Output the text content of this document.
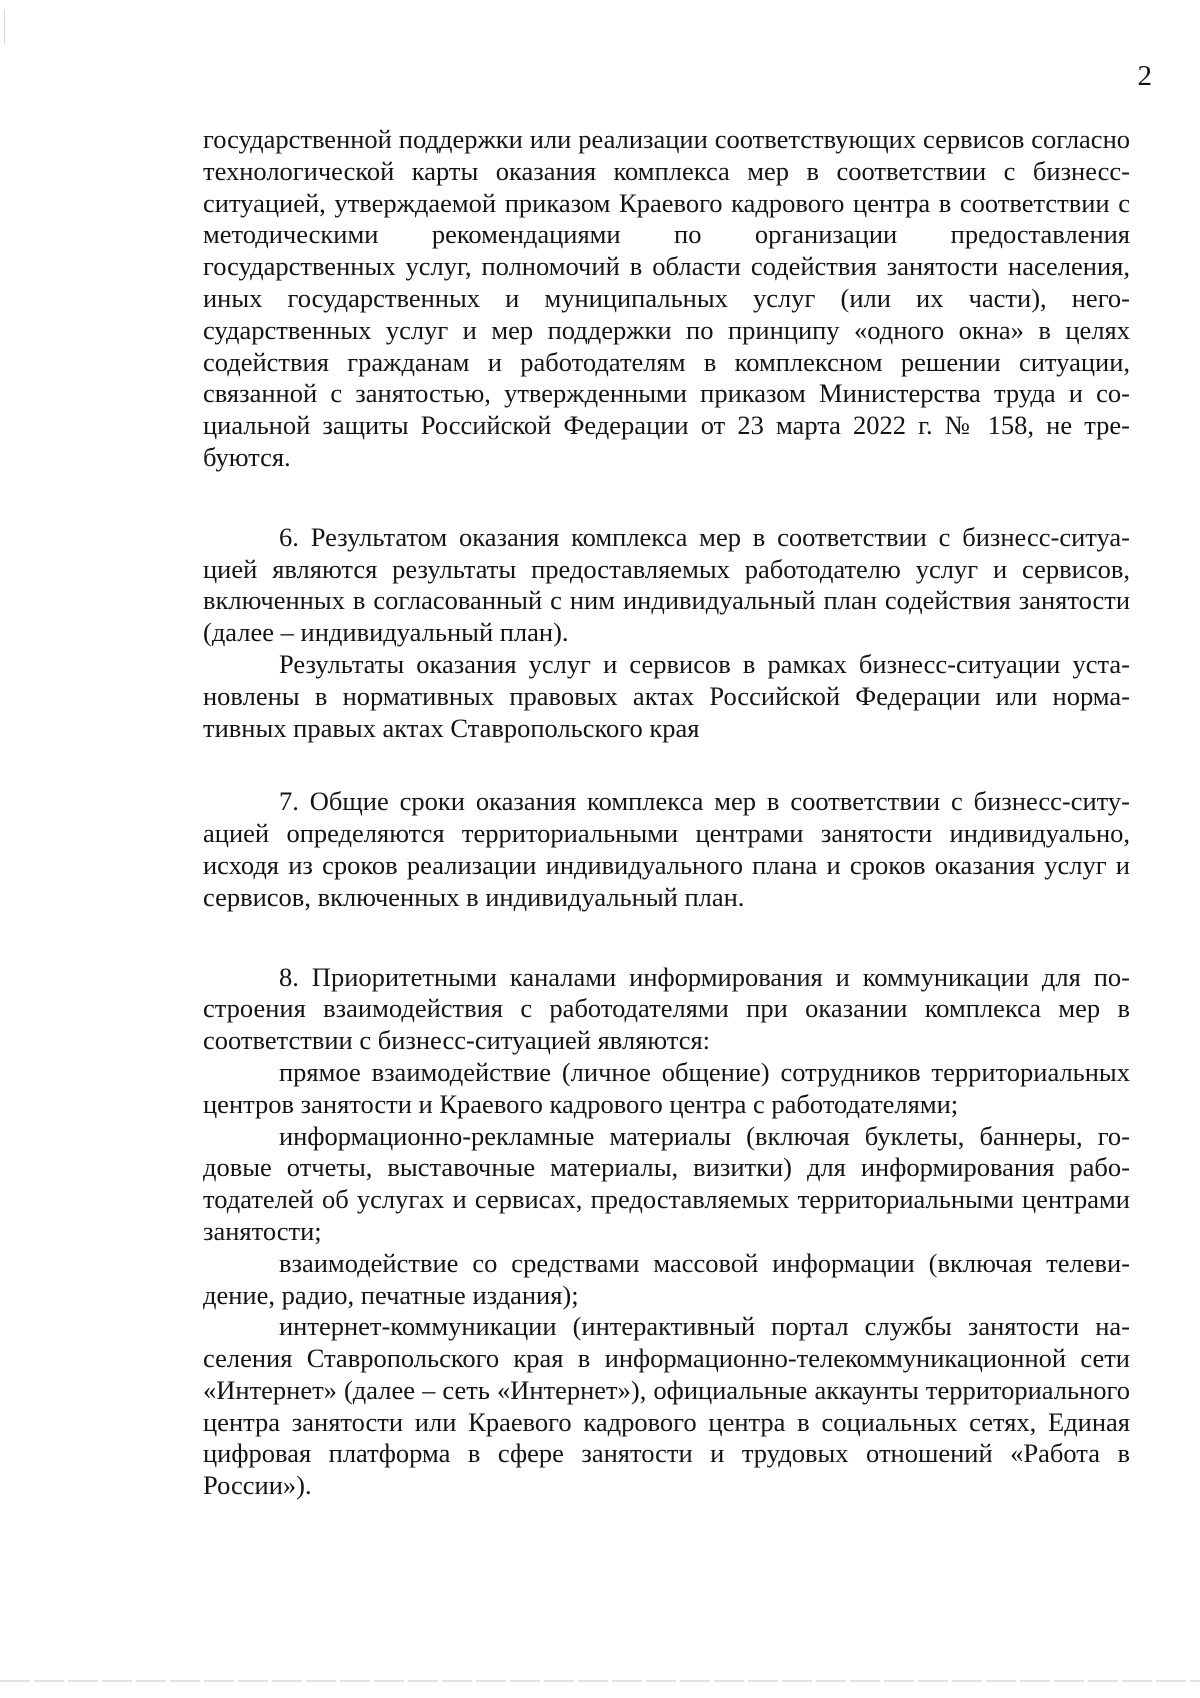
2

государственной поддержки или реализации соответствующих сервисов согласно технологической карты оказания комплекса мер в соответствии с бизнесс-ситуацией, утверждаемой приказом Краевого кадрового центра в соответствии с методическими рекомендациями по организации предоставления государственных услуг, полномочий в области содействия занятости населения, иных государственных и муниципальных услуг (или их части), негосударственных услуг и мер поддержки по принципу «одного окна» в целях содействия гражданам и работодателям в комплексном решении ситуации, связанной с занятостью, утвержденными приказом Министерства труда и социальной защиты Российской Федерации от 23 марта 2022 г. № 158, не требуются.

6. Результатом оказания комплекса мер в соответствии с бизнесс-ситуацией являются результаты предоставляемых работодателю услуг и сервисов, включенных в согласованный с ним индивидуальный план содействия занятости (далее – индивидуальный план).

Результаты оказания услуг и сервисов в рамках бизнесс-ситуации установлены в нормативных правовых актах Российской Федерации или нормативных правых актах Ставропольского края

7. Общие сроки оказания комплекса мер в соответствии с бизнесс-ситуацией определяются территориальными центрами занятости индивидуально, исходя из сроков реализации индивидуального плана и сроков оказания услуг и сервисов, включенных в индивидуальный план.

8. Приоритетными каналами информирования и коммуникации для построения взаимодействия с работодателями при оказании комплекса мер в соответствии с бизнесс-ситуацией являются:

прямое взаимодействие (личное общение) сотрудников территориальных центров занятости и Краевого кадрового центра с работодателями;

информационно-рекламные материалы (включая буклеты, баннеры, годовые отчеты, выставочные материалы, визитки) для информирования работодателей об услугах и сервисах, предоставляемых территориальными центрами занятости;

взаимодействие со средствами массовой информации (включая телевидение, радио, печатные издания);

интернет-коммуникации (интерактивный портал службы занятости населения Ставропольского края в информационно-телекоммуникационной сети «Интернет» (далее – сеть «Интернет»), официальные аккаунты территориального центра занятости или Краевого кадрового центра в социальных сетях, Единая цифровая платформа в сфере занятости и трудовых отношений «Работа в России»).
